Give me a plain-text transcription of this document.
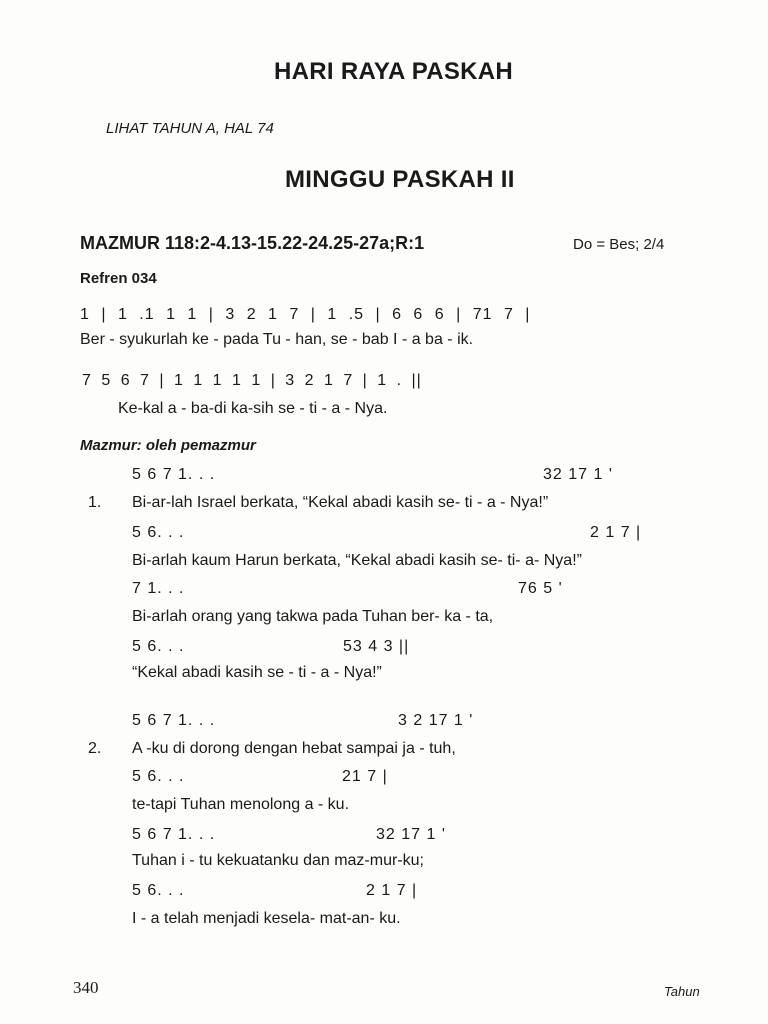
HARI RAYA PASKAH
LIHAT TAHUN A, HAL 74
MINGGU PASKAH II
MAZMUR 118:2-4.13-15.22-24.25-27a;R:1	Do = Bes; 2/4
Refren 034
1 | 1 .1 1 1 | 3 2 1 7 | 1 .5 | 6 6 6 | 71 7 |
Ber - syukurlah ke - pada Tu - han, se - bab I - a ba - ik.
7 5 6 7 | 1 1 1 1 1 | 3 2 1 7 | 1 . ||
Ke-kal a - ba-di ka-sih se - ti - a - Nya.
Mazmur: oleh pemazmur
1.
5 6 7 1. . .	32 17 1 '
Bi-ar-lah Israel berkata, “Kekal abadi kasih se- ti - a - Nya!”
5 6. . .	2 1 7 |
Bi-arlah kaum Harun berkata, “Kekal abadi kasih se- ti- a- Nya!”
7 1. . .	76 5 '
Bi-arlah orang yang takwa pada Tuhan ber- ka - ta,
5 6. . .	53 4 3 ||
“Kekal abadi kasih se - ti - a - Nya!”
2.
5 6 7 1. . .	3 2 17 1 '
A -ku di dorong dengan hebat sampai ja - tuh,
5 6. . .	21 7 |
te-tapi Tuhan menolong a - ku.
5 6 7 1. . .	32 17 1 '
Tuhan i - tu kekuatanku dan maz-mur-ku;
5 6. . .	2 1 7 |
I - a telah menjadi kesela- mat-an- ku.
340	Tahun
